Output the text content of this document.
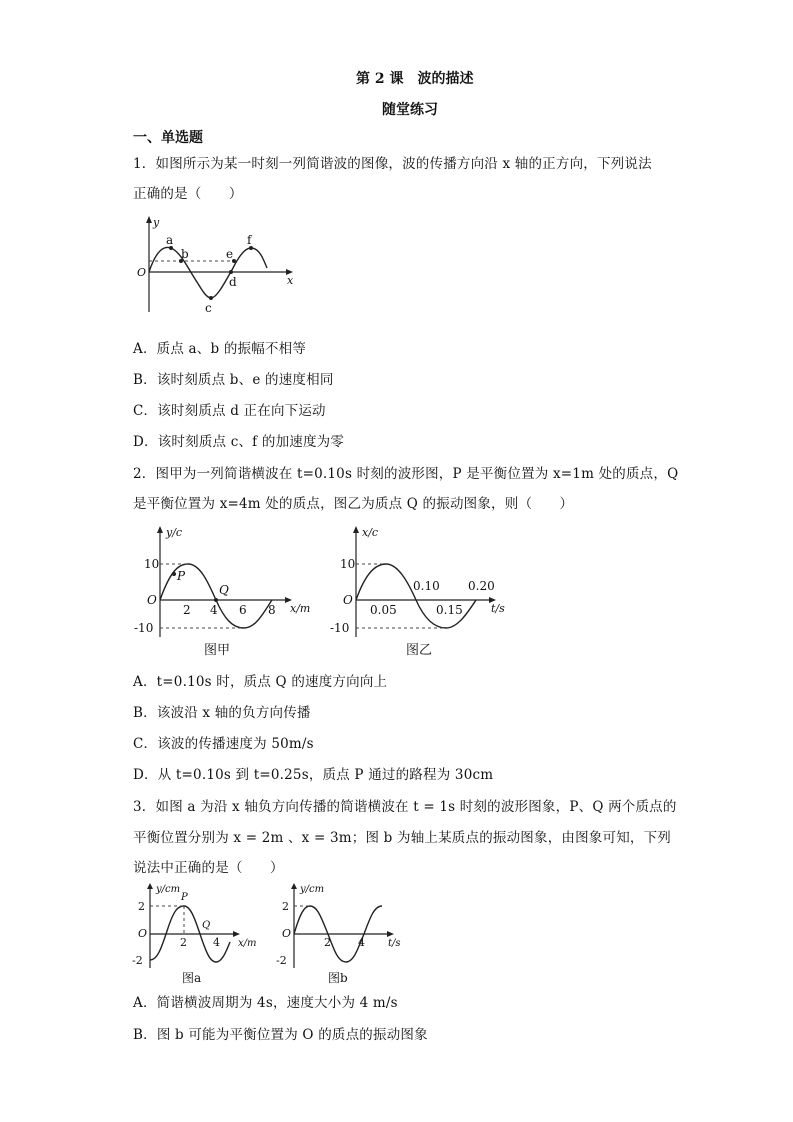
第 2 课　波的描述
随堂练习
一、单选题
1．如图所示为某一时刻一列简谐波的图像，波的传播方向沿 x 轴的正方向，下列说法
正确的是（　　）
y
x
O
a
b
c
d
e
f
A．质点 a、b 的振幅不相等
B．该时刻质点 b、e 的速度相同
C．该时刻质点 d 正在向下运动
D．该时刻质点 c、f 的加速度为零
2．图甲为一列简谐横波在 t=0.10s 时刻的波形图，P 是平衡位置为 x=1m 处的质点，Q
是平衡位置为 x=4m 处的质点，图乙为质点 Q 的振动图象，则（　　）
y/c
x/m
10
-10
O
P
Q
2 4 6 8
图甲
x/c
t/s
10
-10
O
0.05
0.10
0.15
0.20
图乙
A．t=0.10s 时，质点 Q 的速度方向向上
B．该波沿 x 轴的负方向传播
C．该波的传播速度为 50m/s
D．从 t=0.10s 到 t=0.25s，质点 P 通过的路程为 30cm
3．如图 a 为沿 x 轴负方向传播的简谐横波在 t = 1s 时刻的波形图象，P、Q 两个质点的
平衡位置分别为 x = 2m 、x = 3m；图 b 为轴上某质点的振动图象，由图象可知，下列
说法中正确的是（　　）
y/cm
x/m
2
-2
O
P
Q
2 4
图a
y/cm
t/s
2
-2
O
2 4
图b
A．简谐横波周期为 4s，速度大小为 4 m/s
B．图 b 可能为平衡位置为 O 的质点的振动图象
